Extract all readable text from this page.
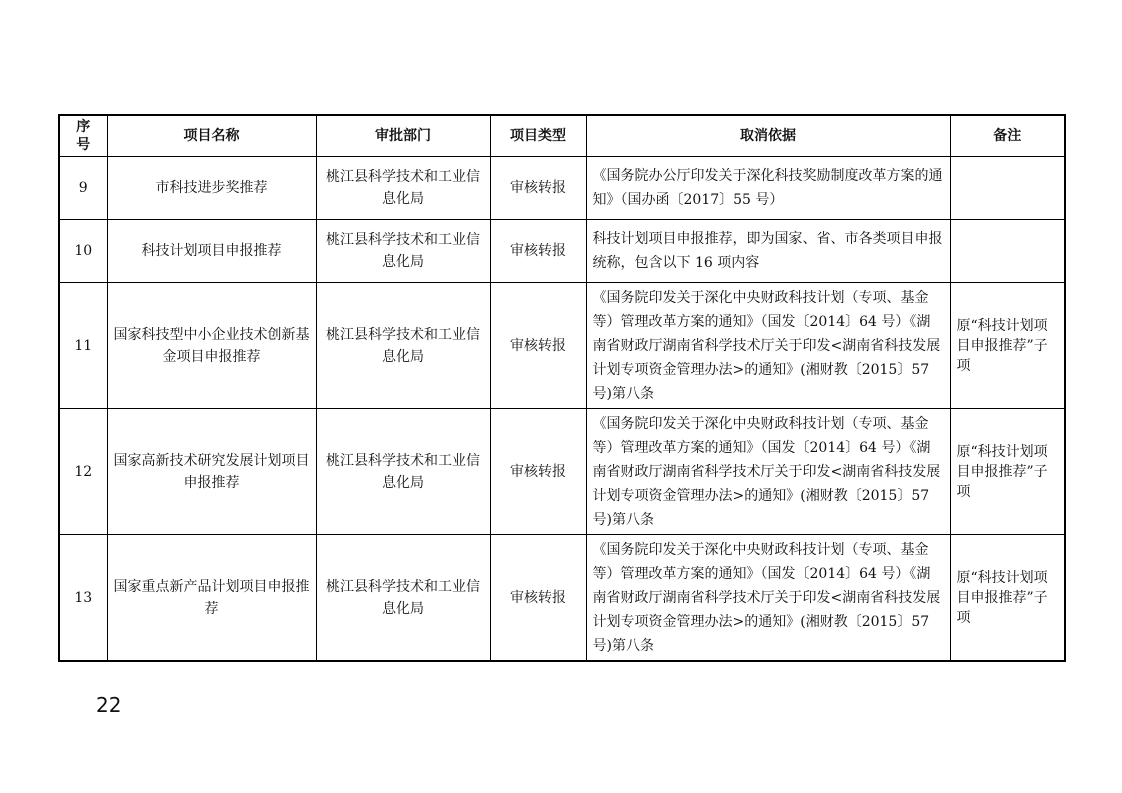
序
号	项目名称	审批部门	项目类型	取消依据	备注
9	市科技进步奖推荐	桃江县科学技术和工业信息化局	审核转报	《国务院办公厅印发关于深化科技奖励制度改革方案的通知》（国办函〔2017〕55 号）	
10	科技计划项目申报推荐	桃江县科学技术和工业信息化局	审核转报	科技计划项目申报推荐，即为国家、省、市各类项目申报统称，包含以下 16 项内容	
11	国家科技型中小企业技术创新基金项目申报推荐	桃江县科学技术和工业信息化局	审核转报	《国务院印发关于深化中央财政科技计划（专项、基金等）管理改革方案的通知》（国发〔2014〕64 号）《湖南省财政厅湖南省科学技术厅关于印发<湖南省科技发展计划专项资金管理办法>的通知》(湘财教〔2015〕57 号)第八条	原“科技计划项目申报推荐”子项
12	国家高新技术研究发展计划项目申报推荐	桃江县科学技术和工业信息化局	审核转报	《国务院印发关于深化中央财政科技计划（专项、基金等）管理改革方案的通知》（国发〔2014〕64 号）《湖南省财政厅湖南省科学技术厅关于印发<湖南省科技发展计划专项资金管理办法>的通知》(湘财教〔2015〕57 号)第八条	原“科技计划项目申报推荐”子项
13	国家重点新产品计划项目申报推荐	桃江县科学技术和工业信息化局	审核转报	《国务院印发关于深化中央财政科技计划（专项、基金等）管理改革方案的通知》（国发〔2014〕64 号）《湖南省财政厅湖南省科学技术厅关于印发<湖南省科技发展计划专项资金管理办法>的通知》(湘财教〔2015〕57 号)第八条	原“科技计划项目申报推荐”子项
22
